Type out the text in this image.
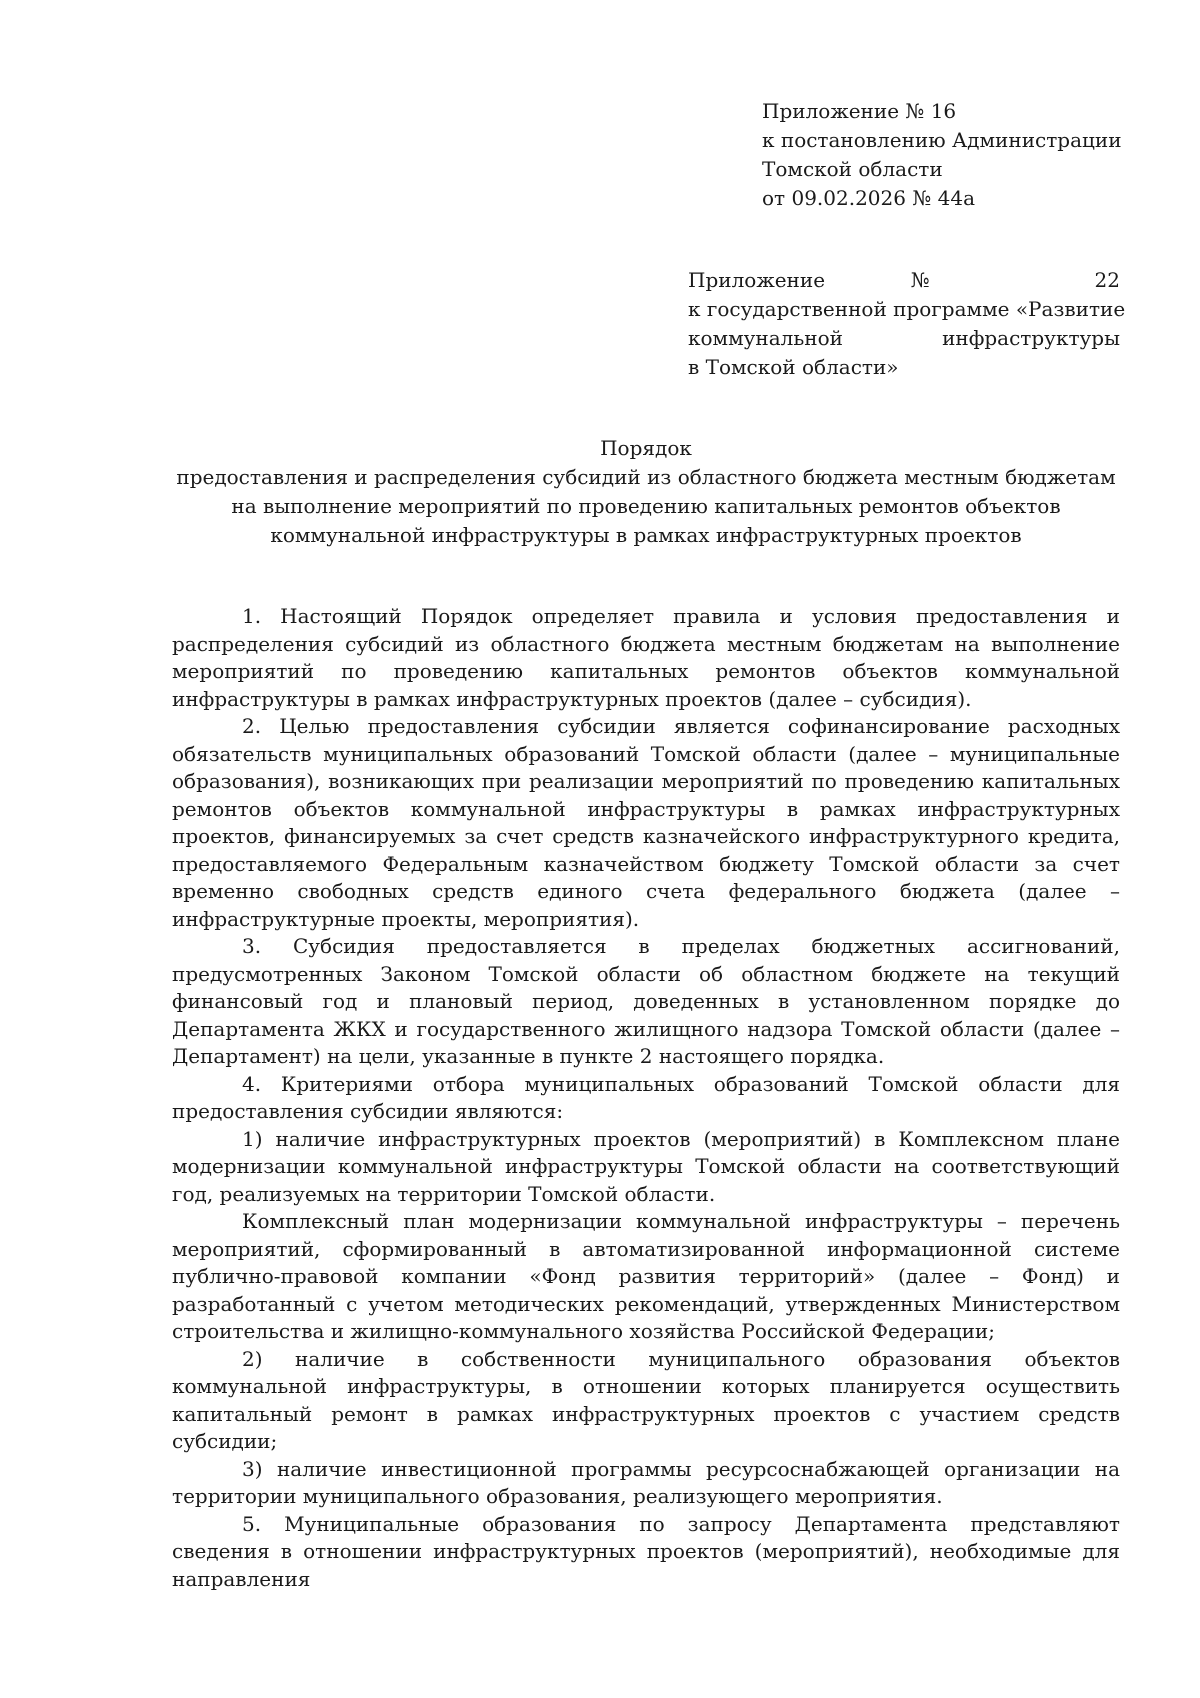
Приложение № 16
к постановлению Администрации
Томской области
от 09.02.2026 № 44а
Приложение № 22
к государственной программе «Развитие
коммунальной инфраструктуры
в Томской области»
Порядок
предоставления и распределения субсидий из областного бюджета местным бюджетам
на выполнение мероприятий по проведению капитальных ремонтов объектов
коммунальной инфраструктуры в рамках инфраструктурных проектов

1. Настоящий Порядок определяет правила и условия предоставления и распределения субсидий из областного бюджета местным бюджетам на выполнение мероприятий по проведению капитальных ремонтов объектов коммунальной инфраструктуры в рамках инфраструктурных проектов (далее – субсидия).

2. Целью предоставления субсидии является софинансирование расходных обязательств муниципальных образований Томской области (далее – муниципальные образования), возникающих при реализации мероприятий по проведению капитальных ремонтов объектов коммунальной инфраструктуры в рамках инфраструктурных проектов, финансируемых за счет средств казначейского инфраструктурного кредита, предоставляемого Федеральным казначейством бюджету Томской области за счет временно свободных средств единого счета федерального бюджета (далее – инфраструктурные проекты, мероприятия).

3. Субсидия предоставляется в пределах бюджетных ассигнований, предусмотренных Законом Томской области об областном бюджете на текущий финансовый год и плановый период, доведенных в установленном порядке до Департамента ЖКХ и государственного жилищного надзора Томской области (далее – Департамент) на цели, указанные в пункте 2 настоящего порядка.

4. Критериями отбора муниципальных образований Томской области для предоставления субсидии являются:

1) наличие инфраструктурных проектов (мероприятий) в Комплексном плане модернизации коммунальной инфраструктуры Томской области на соответствующий год, реализуемых на территории Томской области.

Комплексный план модернизации коммунальной инфраструктуры – перечень мероприятий, сформированный в автоматизированной информационной системе публично-правовой компании «Фонд развития территорий» (далее – Фонд) и разработанный с учетом методических рекомендаций, утвержденных Министерством строительства и жилищно-коммунального хозяйства Российской Федерации;

2) наличие в собственности муниципального образования объектов коммунальной инфраструктуры, в отношении которых планируется осуществить капитальный ремонт в рамках инфраструктурных проектов с участием средств субсидии;

3) наличие инвестиционной программы ресурсоснабжающей организации на территории муниципального образования, реализующего мероприятия.

5. Муниципальные образования по запросу Департамента представляют сведения в отношении инфраструктурных проектов (мероприятий), необходимые для направления
